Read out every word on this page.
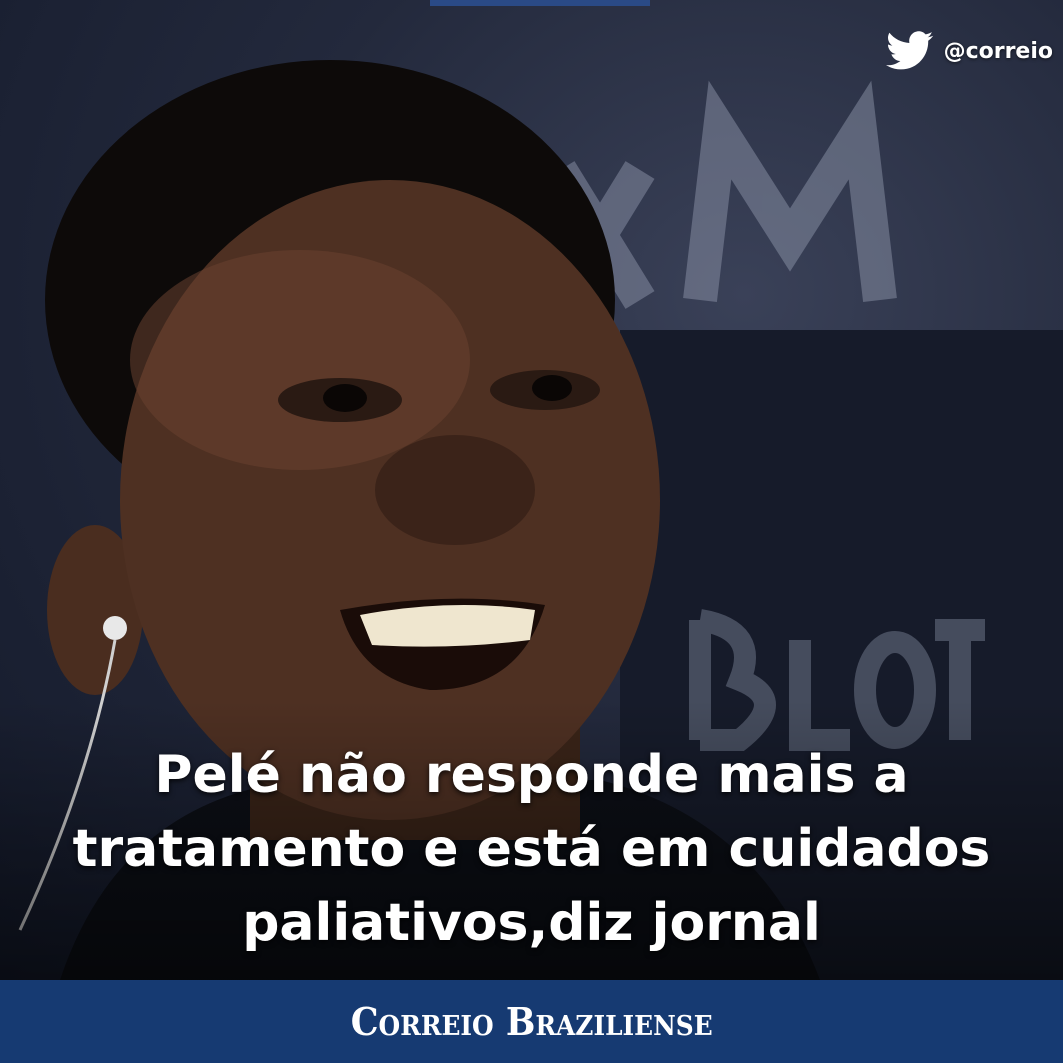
@correio
Pelé não responde mais a
tratamento e está em cuidados
paliativos,diz jornal
Correio Braziliense
